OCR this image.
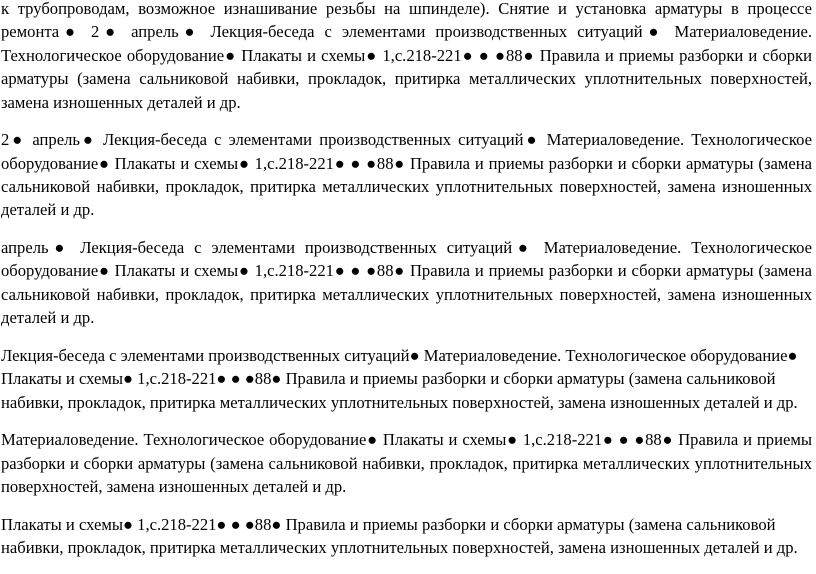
к трубопроводам, возможное изнашивание резьбы на шпинделе). Снятие и установка арматуры в процессе ремонта● 2● апрель● Лекция-беседа с элементами производственных ситуаций● Материаловедение. Технологическое оборудование● Плакаты и схемы● 1,с.218-221● ● ●88● Правила и приемы разборки и сборки арматуры (замена сальниковой набивки, прокладок, притирка металлических уплотнительных поверхностей, замена изношенных деталей и др.

2● апрель● Лекция-беседа с элементами производственных ситуаций● Материаловедение. Технологическое оборудование● Плакаты и схемы● 1,с.218-221● ● ●88● Правила и приемы разборки и сборки арматуры (замена сальниковой набивки, прокладок, притирка металлических уплотнительных поверхностей, замена изношенных деталей и др.

апрель● Лекция-беседа с элементами производственных ситуаций● Материаловедение. Технологическое оборудование● Плакаты и схемы● 1,с.218-221● ● ●88● Правила и приемы разборки и сборки арматуры (замена сальниковой набивки, прокладок, притирка металлических уплотнительных поверхностей, замена изношенных деталей и др.

Лекция-беседа с элементами производственных ситуаций● Материаловедение. Технологическое оборудование● Плакаты и схемы● 1,с.218-221● ● ●88● Правила и приемы разборки и сборки арматуры (замена сальниковой набивки, прокладок, притирка металлических уплотнительных поверхностей, замена изношенных деталей и др.

Материаловедение. Технологическое оборудование● Плакаты и схемы● 1,с.218-221● ● ●88● Правила и приемы разборки и сборки арматуры (замена сальниковой набивки, прокладок, притирка металлических уплотнительных поверхностей, замена изношенных деталей и др.

Плакаты и схемы● 1,с.218-221● ● ●88● Правила и приемы разборки и сборки арматуры (замена сальниковой набивки, прокладок, притирка металлических уплотнительных поверхностей, замена изношенных деталей и др.
